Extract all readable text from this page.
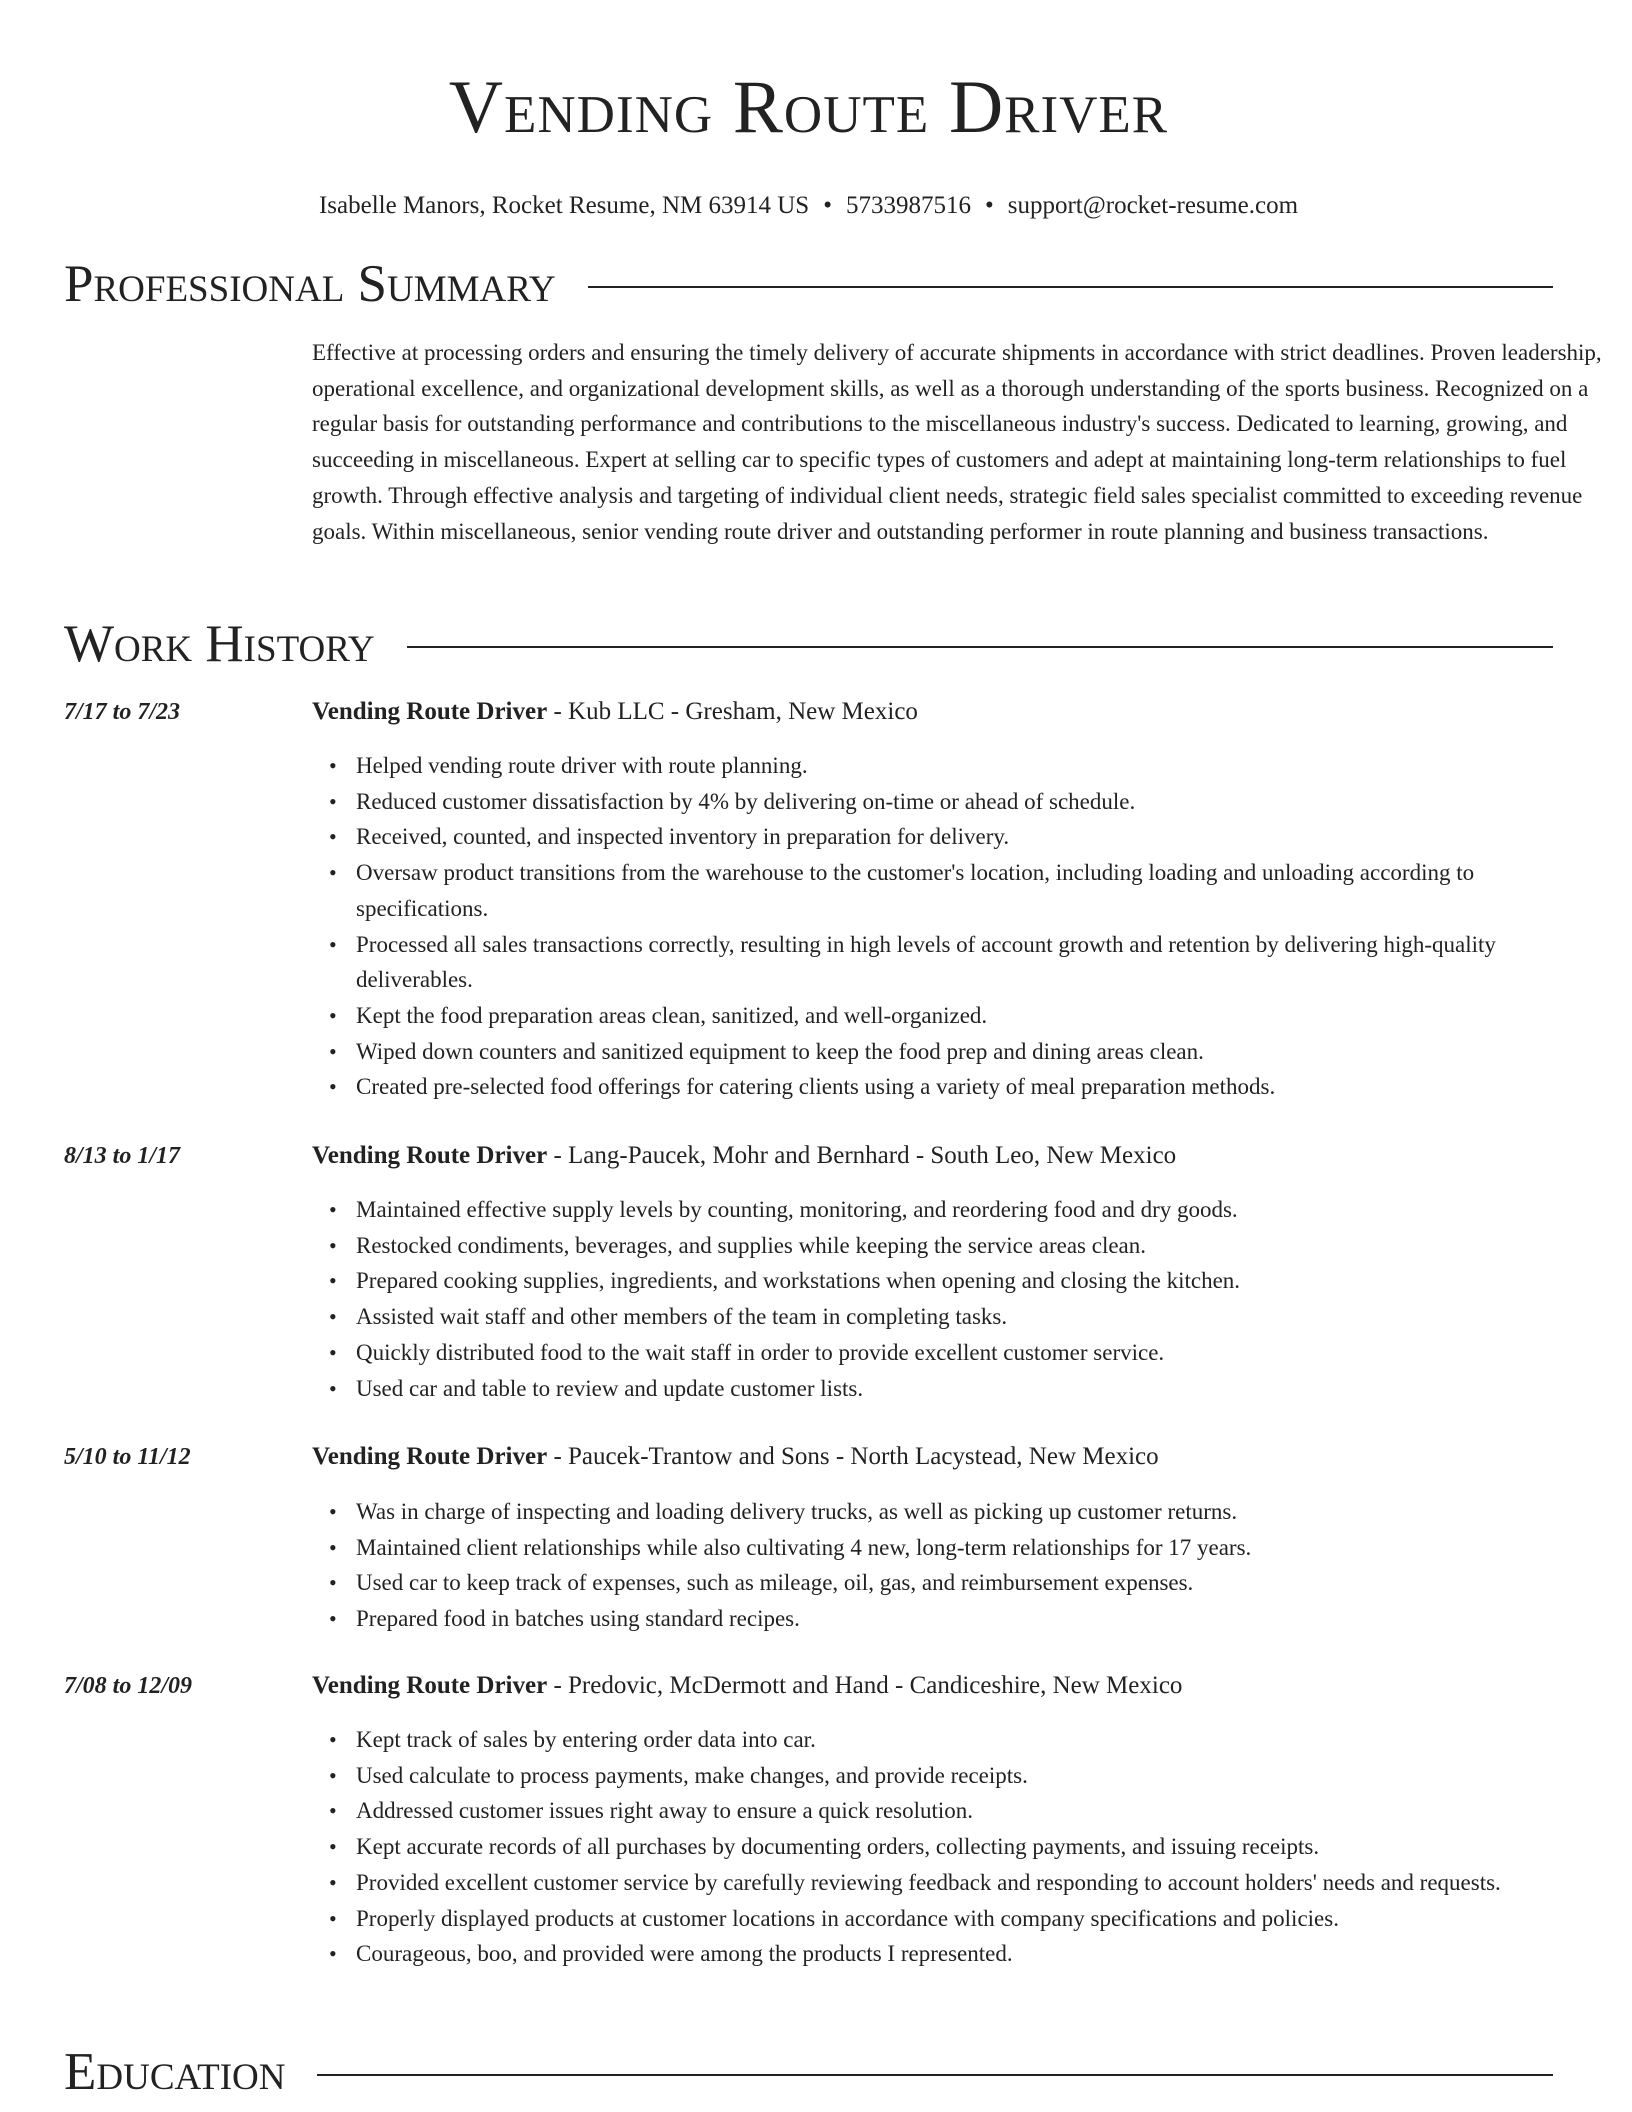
Vending Route Driver
Isabelle Manors, Rocket Resume, NM 63914 US • 5733987516 • support@rocket-resume.com
Professional Summary
Effective at processing orders and ensuring the timely delivery of accurate shipments in accordance with strict deadlines. Proven leadership, operational excellence, and organizational development skills, as well as a thorough understanding of the sports business. Recognized on a regular basis for outstanding performance and contributions to the miscellaneous industry's success. Dedicated to learning, growing, and succeeding in miscellaneous. Expert at selling car to specific types of customers and adept at maintaining long-term relationships to fuel growth. Through effective analysis and targeting of individual client needs, strategic field sales specialist committed to exceeding revenue goals. Within miscellaneous, senior vending route driver and outstanding performer in route planning and business transactions.
Work History
7/17 to 7/23	Vending Route Driver - Kub LLC - Gresham, New Mexico
• Helped vending route driver with route planning.
• Reduced customer dissatisfaction by 4% by delivering on-time or ahead of schedule.
• Received, counted, and inspected inventory in preparation for delivery.
• Oversaw product transitions from the warehouse to the customer's location, including loading and unloading according to specifications.
• Processed all sales transactions correctly, resulting in high levels of account growth and retention by delivering high-quality deliverables.
• Kept the food preparation areas clean, sanitized, and well-organized.
• Wiped down counters and sanitized equipment to keep the food prep and dining areas clean.
• Created pre-selected food offerings for catering clients using a variety of meal preparation methods.
8/13 to 1/17	Vending Route Driver - Lang-Paucek, Mohr and Bernhard - South Leo, New Mexico
• Maintained effective supply levels by counting, monitoring, and reordering food and dry goods.
• Restocked condiments, beverages, and supplies while keeping the service areas clean.
• Prepared cooking supplies, ingredients, and workstations when opening and closing the kitchen.
• Assisted wait staff and other members of the team in completing tasks.
• Quickly distributed food to the wait staff in order to provide excellent customer service.
• Used car and table to review and update customer lists.
5/10 to 11/12	Vending Route Driver - Paucek-Trantow and Sons - North Lacystead, New Mexico
• Was in charge of inspecting and loading delivery trucks, as well as picking up customer returns.
• Maintained client relationships while also cultivating 4 new, long-term relationships for 17 years.
• Used car to keep track of expenses, such as mileage, oil, gas, and reimbursement expenses.
• Prepared food in batches using standard recipes.
7/08 to 12/09	Vending Route Driver - Predovic, McDermott and Hand - Candiceshire, New Mexico
• Kept track of sales by entering order data into car.
• Used calculate to process payments, make changes, and provide receipts.
• Addressed customer issues right away to ensure a quick resolution.
• Kept accurate records of all purchases by documenting orders, collecting payments, and issuing receipts.
• Provided excellent customer service by carefully reviewing feedback and responding to account holders' needs and requests.
• Properly displayed products at customer locations in accordance with company specifications and policies.
• Courageous, boo, and provided were among the products I represented.
Education
